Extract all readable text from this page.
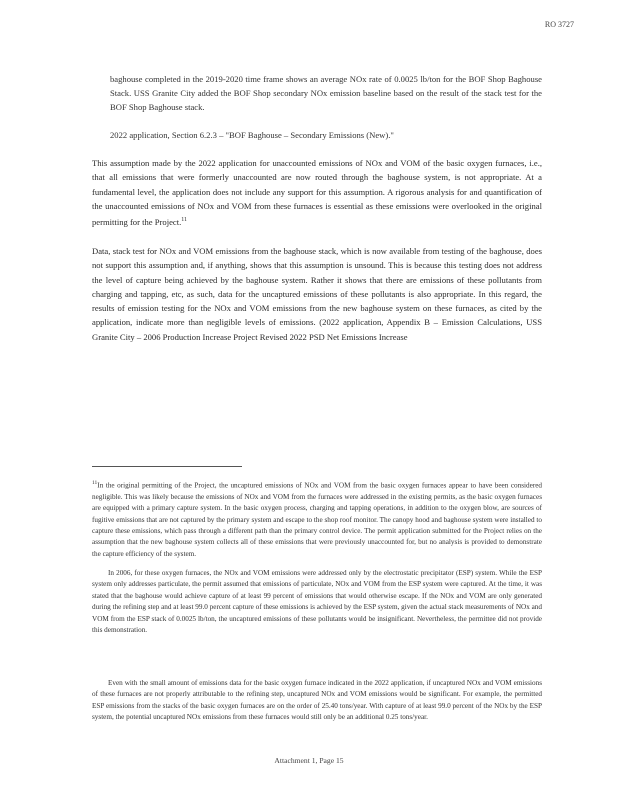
RO 3727
baghouse completed in the 2019-2020 time frame shows an average NOx rate of 0.0025 lb/ton for the BOF Shop Baghouse Stack. USS Granite City added the BOF Shop secondary NOx emission baseline based on the result of the stack test for the BOF Shop Baghouse stack.
2022 application, Section 6.2.3 – "BOF Baghouse – Secondary Emissions (New)."
This assumption made by the 2022 application for unaccounted emissions of NOx and VOM of the basic oxygen furnaces, i.e., that all emissions that were formerly unaccounted are now routed through the baghouse system, is not appropriate. At a fundamental level, the application does not include any support for this assumption. A rigorous analysis for and quantification of the unaccounted emissions of NOx and VOM from these furnaces is essential as these emissions were overlooked in the original permitting for the Project.$^{11}$
Data, stack test for NOx and VOM emissions from the baghouse stack, which is now available from testing of the baghouse, does not support this assumption and, if anything, shows that this assumption is unsound. This is because this testing does not address the level of capture being achieved by the baghouse system. Rather it shows that there are emissions of these pollutants from charging and tapping, etc, as such, data for the uncaptured emissions of these pollutants is also appropriate. In this regard, the results of emission testing for the NOx and VOM emissions from the new baghouse system on these furnaces, as cited by the application, indicate more than negligible levels of emissions. (2022 application, Appendix B – Emission Calculations, USS Granite City – 2006 Production Increase Project Revised 2022 PSD Net Emissions Increase
$^{11}$In the original permitting of the Project, the uncaptured emissions of NOx and VOM from the basic oxygen furnaces appear to have been considered negligible. This was likely because the emissions of NOx and VOM from the furnaces were addressed in the existing permits, as the basic oxygen furnaces are equipped with a primary capture system. In the basic oxygen process, charging and tapping operations, in addition to the oxygen blow, are sources of fugitive emissions that are not captured by the primary system and escape to the shop roof monitor. The canopy hood and baghouse system were installed to capture these emissions, which pass through a different path than the primary control device. The permit application submitted for the Project relies on the assumption that the new baghouse system collects all of these emissions that were previously unaccounted for, but no analysis is provided to demonstrate the capture efficiency of the system.
In 2006, for these oxygen furnaces, the NOx and VOM emissions were addressed only by the electrostatic precipitator (ESP) system. While the ESP system only addresses particulate, the permit assumed that emissions of particulate, NOx and VOM from the ESP system were captured. At the time, it was stated that the baghouse would achieve capture of at least 99 percent of emissions that would otherwise escape. If the NOx and VOM are only generated during the refining step and at least 99.0 percent capture of these emissions is achieved by the ESP system, given the actual stack measurements of NOx and VOM from the ESP stack of 0.0025 lb/ton, the uncaptured emissions of these pollutants would be insignificant. Nevertheless, the permittee did not provide this demonstration.
Even with the small amount of emissions data for the basic oxygen furnace indicated in the 2022 application, if uncaptured NOx and VOM emissions of these furnaces are not properly attributable to the refining step, uncaptured NOx and VOM emissions would be significant. For example, the permitted ESP emissions from the stacks of the basic oxygen furnaces are on the order of 25.40 tons/year. With capture of at least 99.0 percent of the NOx by the ESP system, the potential uncaptured NOx emissions from these furnaces would still only be an additional 0.25 tons/year.
Attachment 1, Page 15
